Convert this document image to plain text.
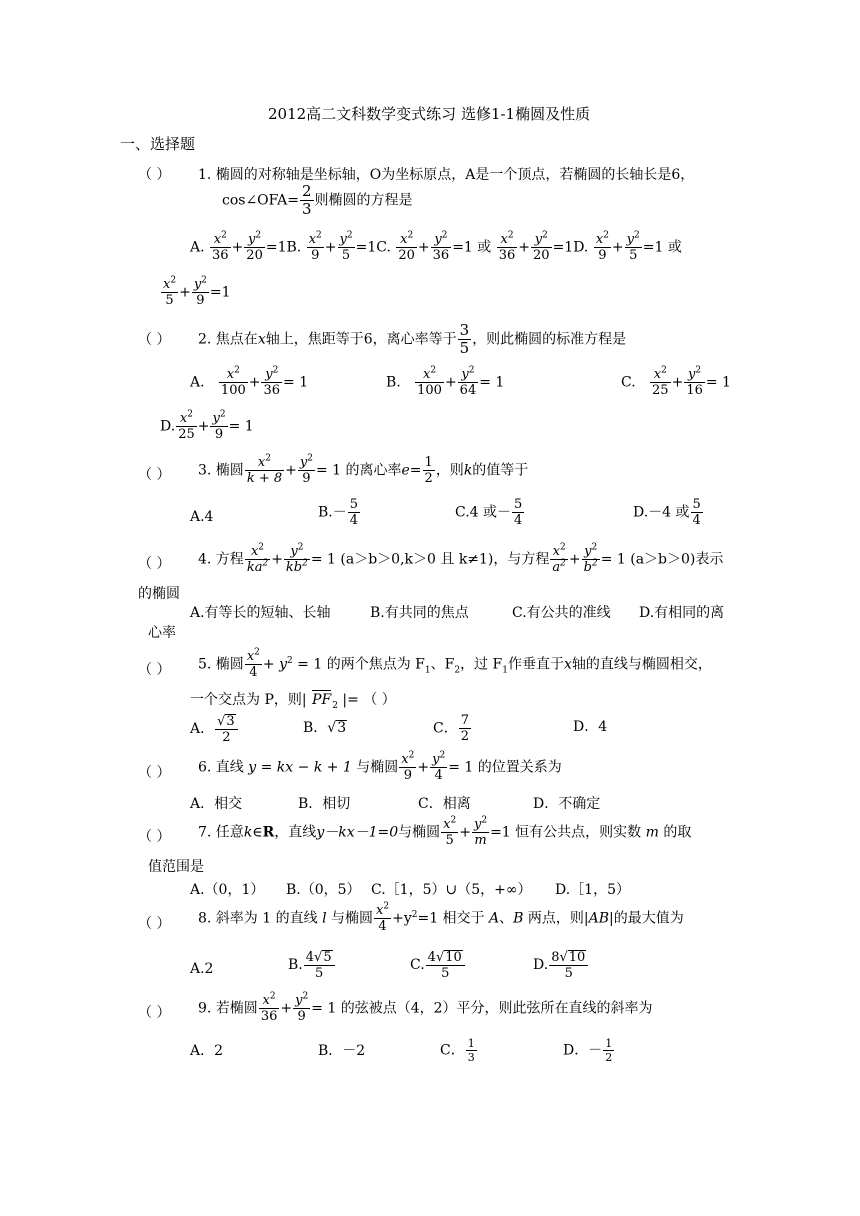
2012高二文科数学变式练习 选修1-1椭圆及性质
一、选择题
（ ） 1. 椭圆的对称轴是坐标轴，O为坐标原点，A是一个顶点，若椭圆的长轴长是6，
cos∠OFA= $\frac{2}{3}$ 则椭圆的方程是
A. $\frac{x^2}{36} + \frac{y^2}{20} =1B$. $\frac{x^2}{9} + \frac{y^2}{5} =1C$. $\frac{x^2}{20} + \frac{y^2}{36} =1$ 或 $\frac{x^2}{36} + \frac{y^2}{20} =1D$. $\frac{x^2}{9} + \frac{y^2}{5} =1$ 或
$\frac{x^2}{5} + \frac{y^2}{9} =1$
（ ） 2. 焦点在x轴上，焦距等于6，离心率等于 $\frac{3}{5}$ ，则此椭圆的标准方程是
A. $\frac{x^2}{100} + \frac{y^2}{36} = 1$	B. $\frac{x^2}{100} + \frac{y^2}{64} = 1$	C. $\frac{x^2}{25} + \frac{y^2}{16} = 1$
D. $\frac{x^2}{25} + \frac{y^2}{9} = 1$
（ ） 3. 椭圆 $\frac{x^2}{k + 8} + \frac{y^2}{9} = 1$ 的离心率$e= \frac{1}{2}$ ，则k的值等于
A.4	$B.- \frac{5}{4}$	C.4 或－ $\frac{5}{4}$	D.－4 或 $\frac{5}{4}$
（ ） 4. 方程 $\frac{x^2}{ka^2} + \frac{y^2}{kb^2} = 1$ (a＞b＞0,k＞0 且 k≠1)，与方程 $\frac{x^2}{a^2} + \frac{y^2}{b^2} = 1$ (a＞b＞0)表示
的椭圆
A.有等长的短轴、长轴	B.有共同的焦点	C.有公共的准线 D.有相同的离
心率
（ ） 5. 椭圆 $\frac{x^2}{4} + y^2 = 1$ 的两个焦点为 $F_1$、$F_2$，过 $F_1$作垂直于x轴的直线与椭圆相交，
一个交点为 P，则| $PF_2$ |= （ ）
A． $\frac{√3}{2}$	B．√3	C． $\frac{7}{2}$	D．4
（ ） 6. 直线 y = kx − k + 1 与椭圆 $\frac{x^2}{9} + \frac{y^2}{4} = 1$ 的位置关系为
A．相交	B．相切	C．相离	D．不确定
（ ） 7. 任意k∈R，直线y－kx－1=0与椭圆 $\frac{x^2}{5} + \frac{y^2}{m} =1$ 恒有公共点，则实数 m 的取
值范围是
A.（0，1） B.（0，5） C.［1，5）∪（5，+∞） D.［1，5）
（ ） 8. 斜率为 1 的直线 l 与椭圆 $\frac{x^2}{4} +y^2=1$ 相交于 A、B 两点，则|AB|的最大值为
A.2	B. $\frac{4√5}{5}$	C. $\frac{4√10}{5}$	D. $\frac{8√10}{5}$
（ ） 9. 若椭圆 $\frac{x^2}{36} + \frac{y^2}{9} = 1$ 的弦被点（4，2）平分，则此弦所在直线的斜率为
A．2	B．－2	C． $\frac{1}{3}$	D．－ $\frac{1}{2}$
